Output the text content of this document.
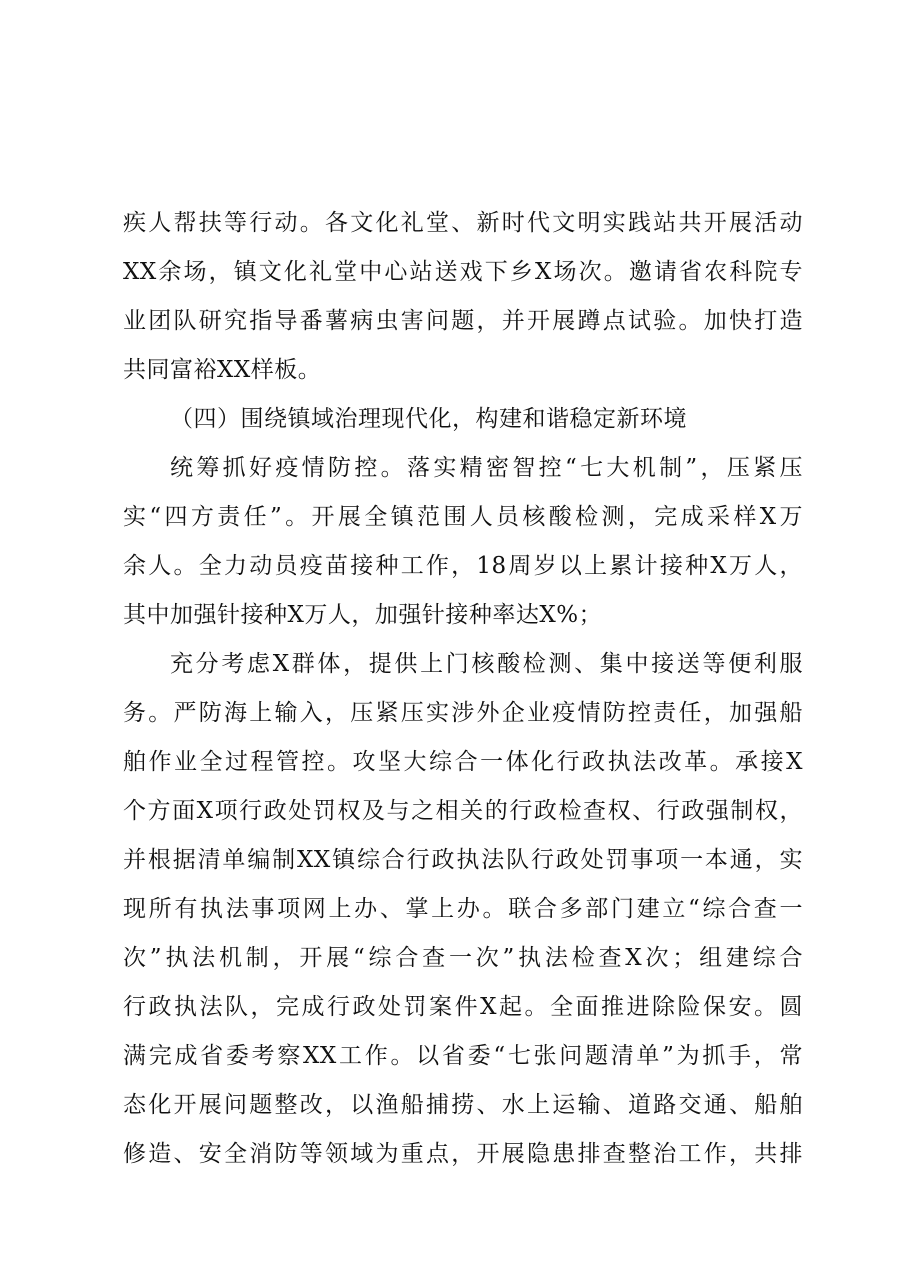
疾人帮扶等行动。各文化礼堂、新时代文明实践站共开展活动
XX余场，镇文化礼堂中心站送戏下乡X场次。邀请省农科院专
业团队研究指导番薯病虫害问题，并开展蹲点试验。加快打造
共同富裕XX样板。
（四）围绕镇域治理现代化，构建和谐稳定新环境
统筹抓好疫情防控。落实精密智控“七大机制”，压紧压
实“四方责任”。开展全镇范围人员核酸检测，完成采样X万
余人。全力动员疫苗接种工作，18周岁以上累计接种X万人，
其中加强针接种X万人，加强针接种率达X%；
充分考虑X群体，提供上门核酸检测、集中接送等便利服
务。严防海上输入，压紧压实涉外企业疫情防控责任，加强船
舶作业全过程管控。攻坚大综合一体化行政执法改革。承接X
个方面X项行政处罚权及与之相关的行政检查权、行政强制权，
并根据清单编制XX镇综合行政执法队行政处罚事项一本通，实
现所有执法事项网上办、掌上办。联合多部门建立“综合查一
次”执法机制，开展“综合查一次”执法检查X次；组建综合
行政执法队，完成行政处罚案件X起。全面推进除险保安。圆
满完成省委考察XX工作。以省委“七张问题清单”为抓手，常
态化开展问题整改，以渔船捕捞、水上运输、道路交通、船舶
修造、安全消防等领域为重点，开展隐患排查整治工作，共排
